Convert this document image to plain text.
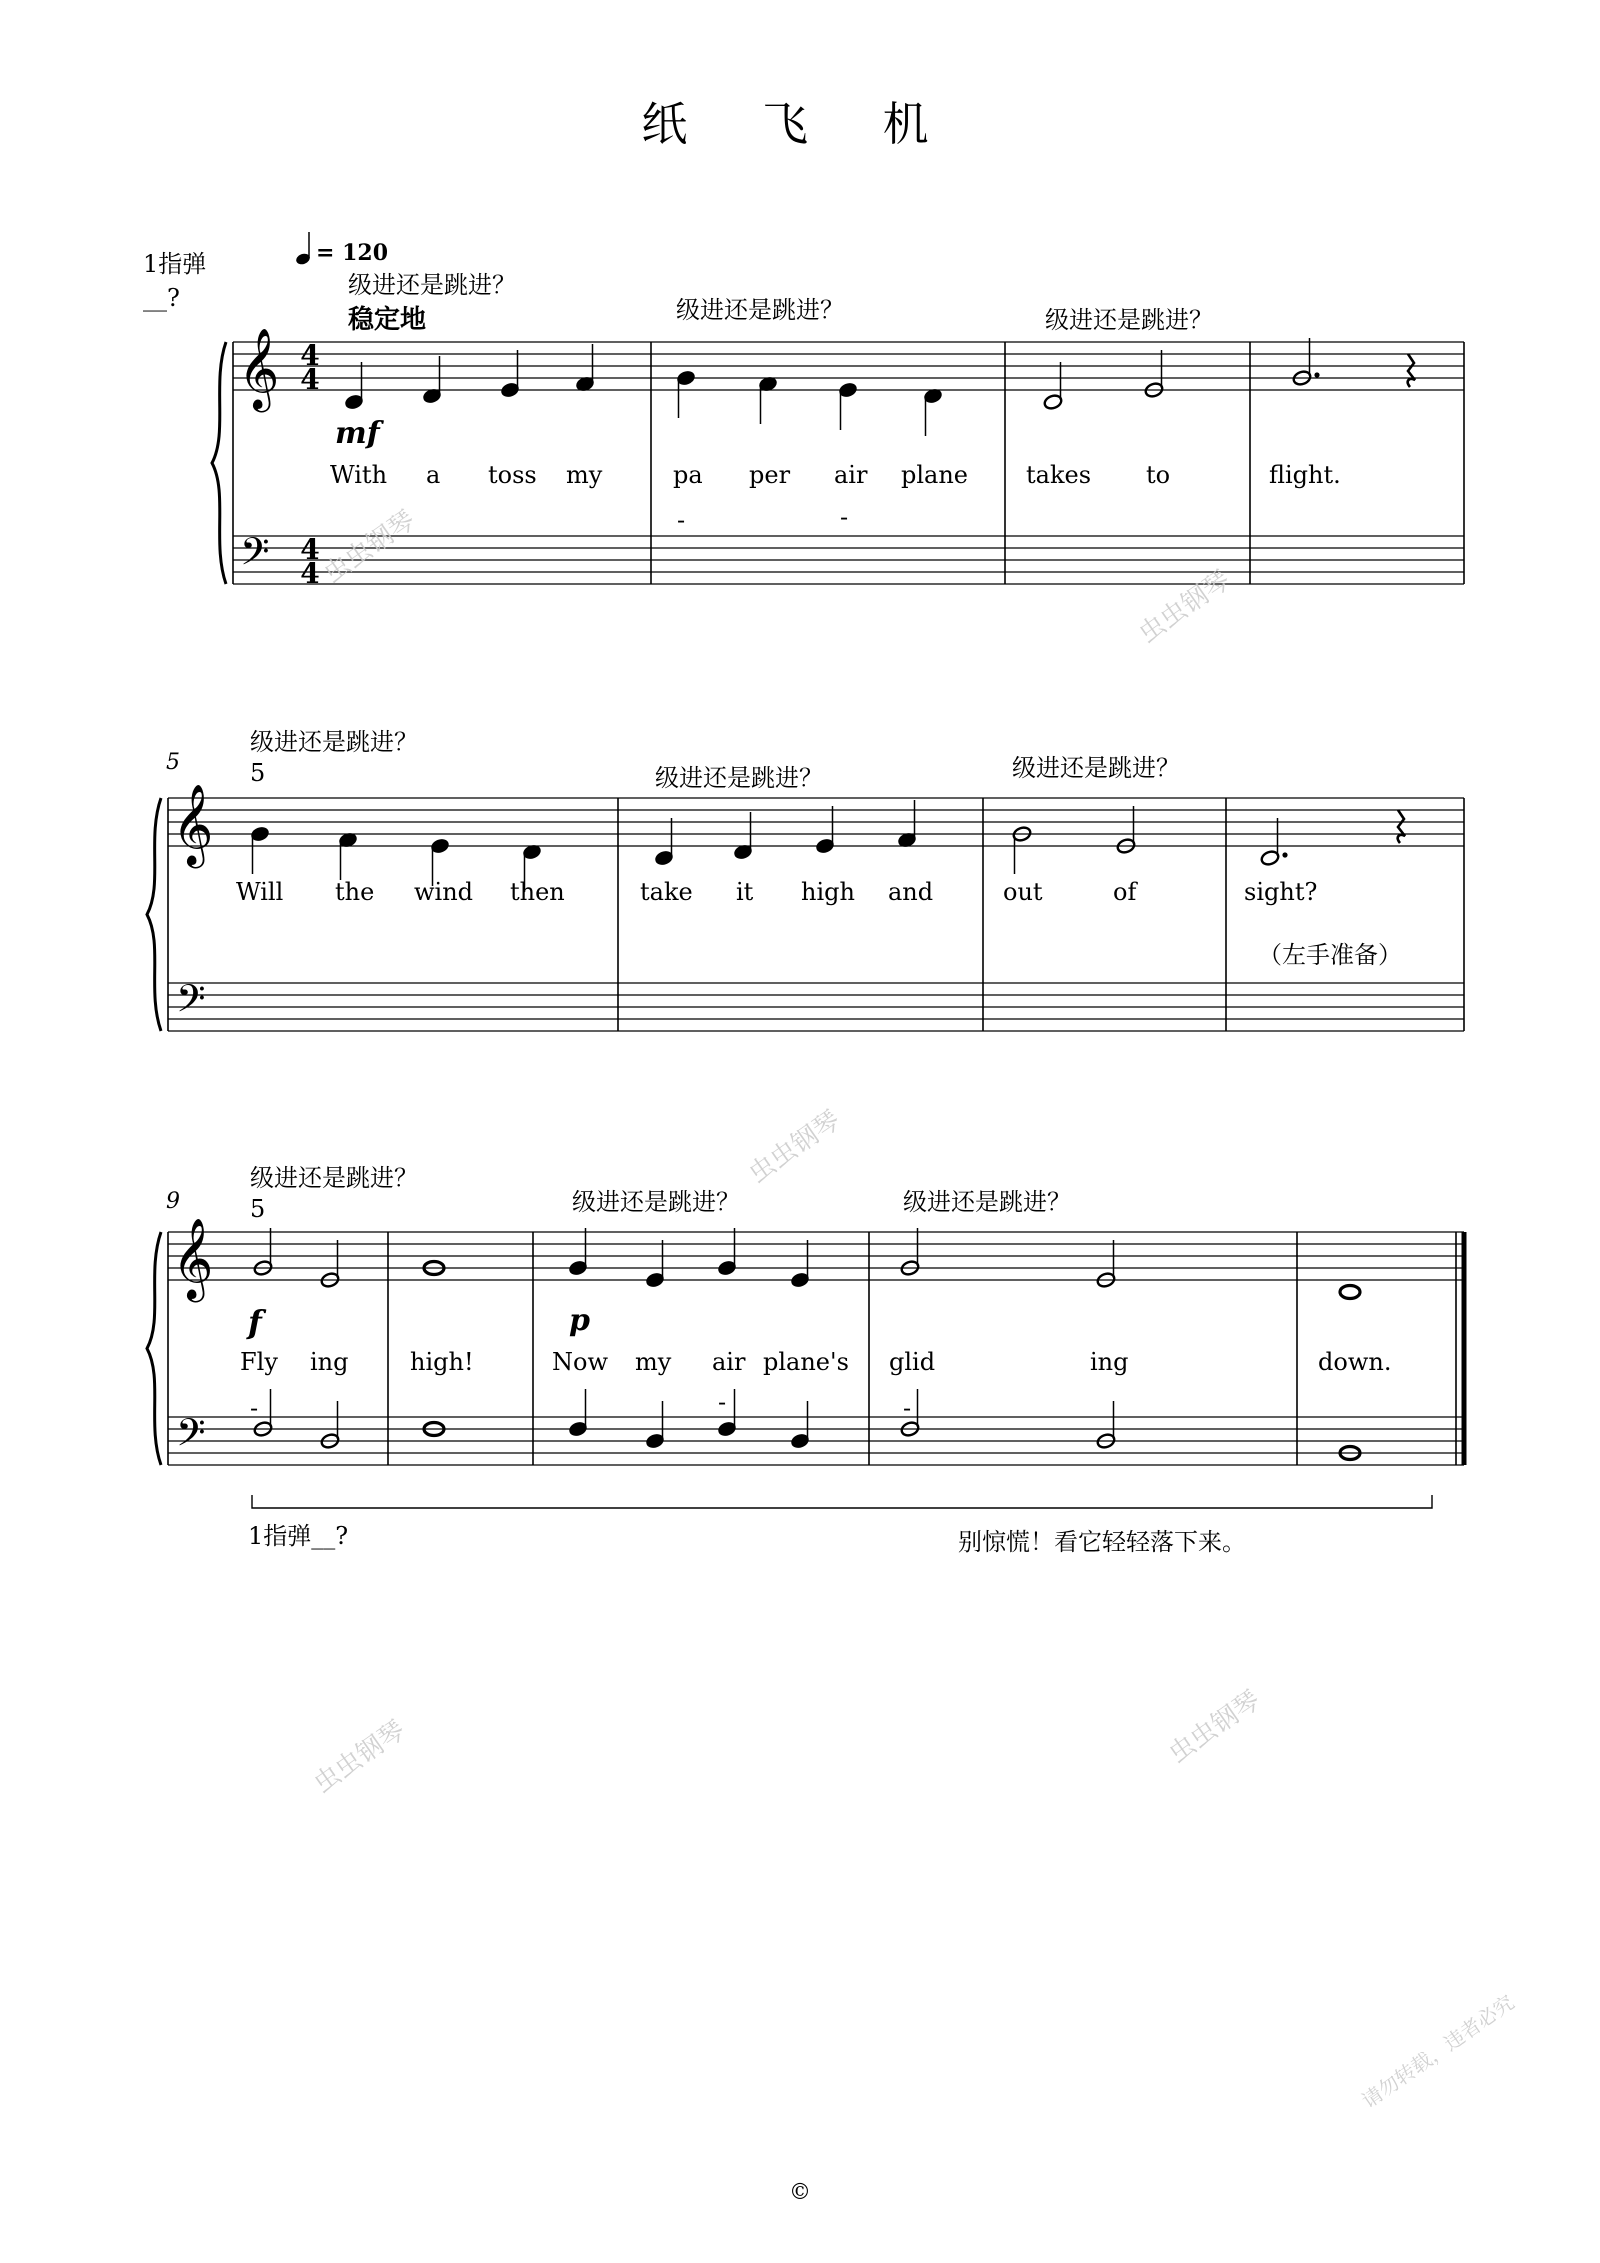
纸 飞 机
= 120
1指弹
__?	级进还是跳进？
稳定地	级进还是跳进？	级进还是跳进？
mf
With a toss my	pa per air plane takes to	flight.
-	-
5
级进还是跳进？
5	级进还是跳进？	级进还是跳进？
Will the wind then	take it high and	out	of	sight?
（左手准备）
9
级进还是跳进？
5	级进还是跳进？	级进还是跳进？
f	p
Fly ing	high!	Now my air plane's glid	ing	down.
-	-	-
1指弹__?	别惊慌！看它轻轻落下来。
𝄞
𝄢
4
4
4
4
𝄞
𝄢
𝄞
𝄢
虫虫钢琴
虫虫钢琴
虫虫钢琴
虫虫钢琴	虫虫钢琴
请勿转载，违者必究
©
